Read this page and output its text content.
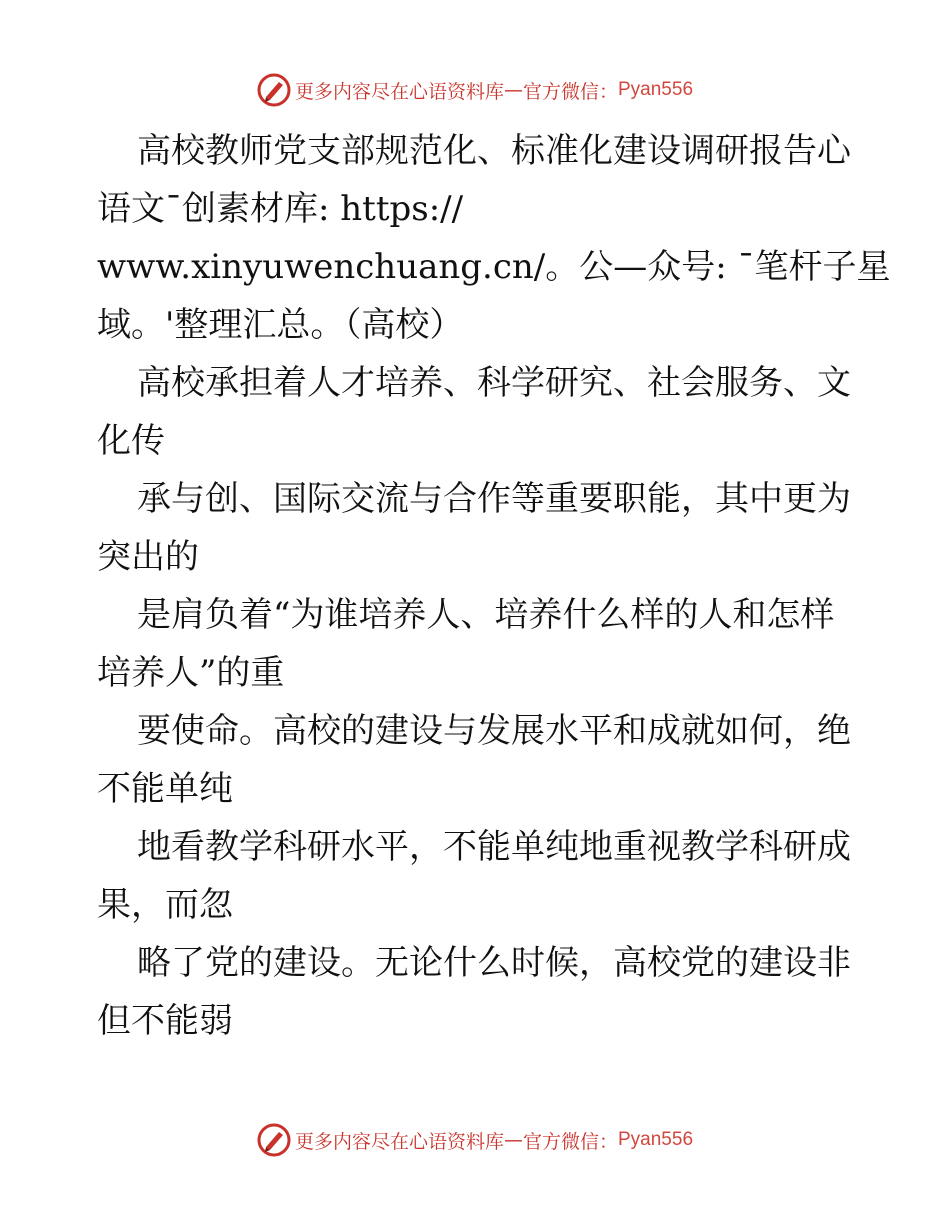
更多内容尽在心语资料库 — 官方微信： Pyan556
高校教师党支部规范化、标准化建设调研报告心
语文¯创素材库: https://
www.xinyuwenchuang.cn/。公—众号: ¯笔杆子星
域。'整理汇总。（高校）
高校承担着人才培养、科学研究、社会服务、文
化传
承与创、国际交流与合作等重要职能，其中更为
突出的
是肩负着“为谁培养人、培养什么样的人和怎样
培养人”的重
要使命。高校的建设与发展水平和成就如何，绝
不能单纯
地看教学科研水平，不能单纯地重视教学科研成
果，而忽
略了党的建设。无论什么时候，高校党的建设非
但不能弱
更多内容尽在心语资料库 — 官方微信： Pyan556
